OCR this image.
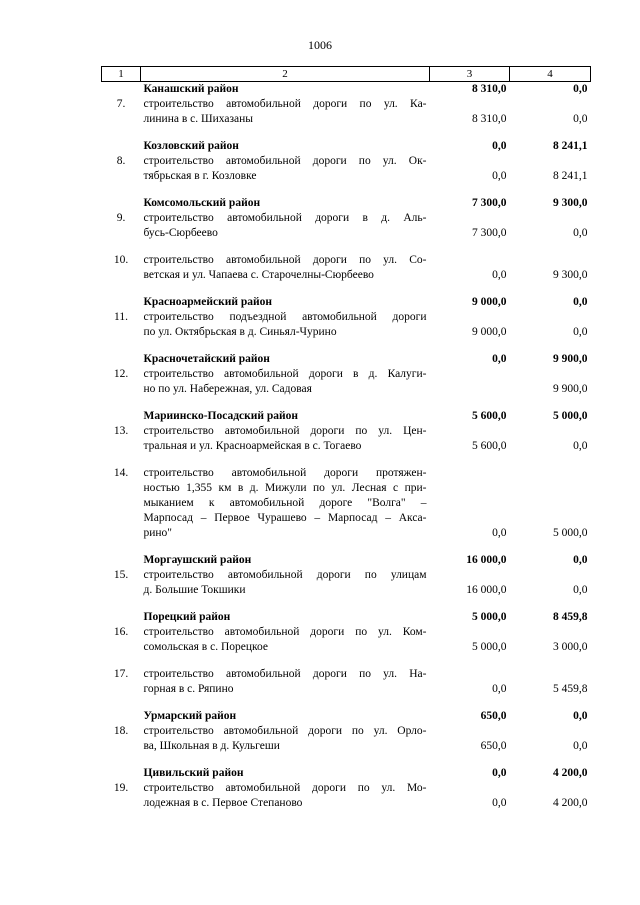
1006
1	2	3	4
	Канашский район	8 310,0	0,0
7.	строительство автомобильной дороги по ул. Ка-
линина в с. Шихазаны	8 310,0	0,0

	Козловский район	0,0	8 241,1
8.	строительство автомобильной дороги по ул. Ок-
тябрьская в г. Козловке	0,0	8 241,1

	Комсомольский район	7 300,0	9 300,0
9.	строительство автомобильной дороги в д. Аль-
бусь-Сюрбеево	7 300,0	0,0

10.	строительство автомобильной дороги по ул. Со-
ветская и ул. Чапаева с. Старочелны-Сюрбеево	0,0	9 300,0

	Красноармейский район	9 000,0	0,0
11.	строительство подъездной автомобильной дороги
по ул. Октябрьская в д. Синьял-Чурино	9 000,0	0,0

	Красночетайский район	0,0	9 900,0
12.	строительство автомобильной дороги в д. Калуги-
но по ул. Набережная, ул. Садовая		9 900,0

	Мариинско-Посадский район	5 600,0	5 000,0
13.	строительство автомобильной дороги по ул. Цен-
тральная и ул. Красноармейская в с. Тогаево	5 600,0	0,0

14.	строительство автомобильной дороги протяжен-
ностью 1,355 км в д. Мижули по ул. Лесная с при-
мыканием к автомобильной дороге "Волга" –
Марпосад – Первое Чурашево – Марпосад – Акса-
рино"	0,0	5 000,0

	Моргаушский район	16 000,0	0,0
15.	строительство автомобильной дороги по улицам
д. Большие Токшики	16 000,0	0,0

	Порецкий район	5 000,0	8 459,8
16.	строительство автомобильной дороги по ул. Ком-
сомольская в с. Порецкое	5 000,0	3 000,0

17.	строительство автомобильной дороги по ул. На-
горная в с. Ряпино	0,0	5 459,8

	Урмарский район	650,0	0,0
18.	строительство автомобильной дороги по ул. Орло-
ва, Школьная в д. Кульгеши	650,0	0,0

	Цивильский район	0,0	4 200,0
19.	строительство автомобильной дороги по ул. Мо-
лодежная в с. Первое Степаново	0,0	4 200,0
